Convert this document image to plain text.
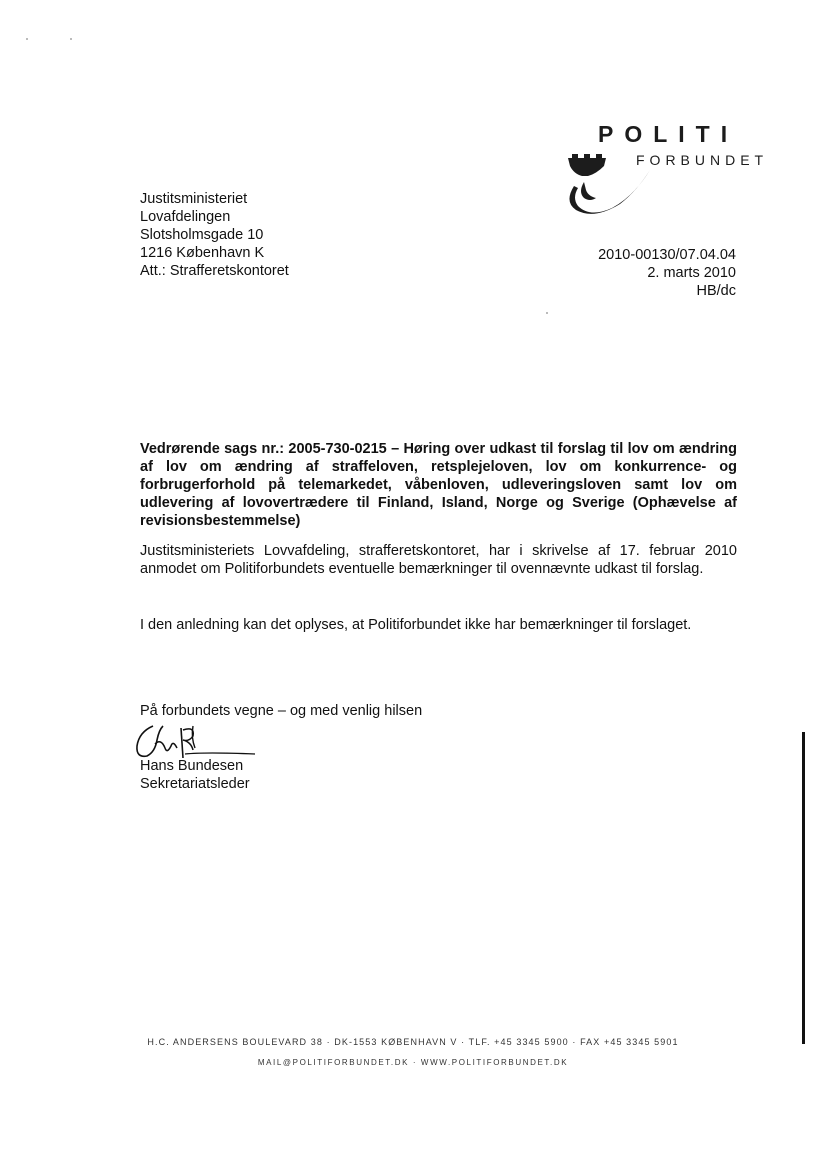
POLITI
FORBUNDET
Justitsministeriet
Lovafdelingen
Slotsholmsgade 10
1216 København K
Att.: Strafferetskontoret
2010-00130/07.04.04
2. marts 2010
HB/dc

Vedrørende sags nr.: 2005-730-0215 – Høring over udkast til forslag til lov om ændring af lov om ændring af straffeloven, retsplejeloven, lov om konkurrence- og forbrugerforhold på telemarkedet, våbenloven, udleveringsloven samt lov om udlevering af lovovertrædere til Finland, Island, Norge og Sverige (Ophævelse af revisionsbestemmelse)

Justitsministeriets Lovvafdeling, strafferetskontoret, har i skrivelse af 17. februar 2010 anmodet om Politiforbundets eventuelle bemærkninger til ovennævnte udkast til forslag.

I den anledning kan det oplyses, at Politiforbundet ikke har bemærkninger til forslaget.

På forbundets vegne – og med venlig hilsen
Hans Bundesen
Sekretariatsleder
H.C. ANDERSENS BOULEVARD 38 · DK-1553 KØBENHAVN V · TLF. +45 3345 5900 · FAX +45 3345 5901
MAIL@POLITIFORBUNDET.DK · WWW.POLITIFORBUNDET.DK
